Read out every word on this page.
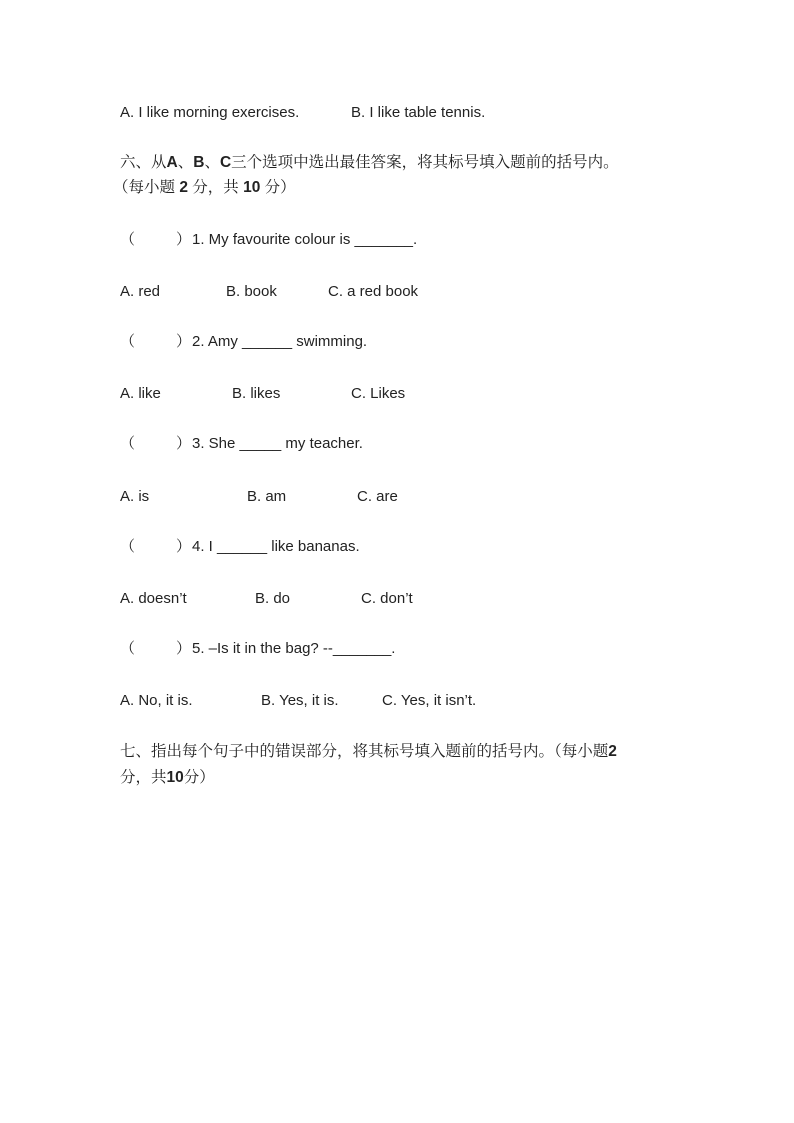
A. I like morning exercises.	B. I like table tennis.
六、从A、B、C三个选项中选出最佳答案，将其标号填入题前的括号内。
（每小题 2 分，共 10 分）
（	） 1. My favourite colour is _______.
A. red	B. book	C. a red book
（	） 2. Amy ______ swimming.
A. like	B. likes	C. Likes
（	） 3. She _____ my teacher.
A. is	B. am	C. are
（	） 4. I ______ like bananas.
A. doesn’t	B. do	C. don’t
（	） 5. –Is it in the bag? --_______.
A. No, it is.	B. Yes, it is.	C. Yes, it isn’t.
七、指出每个句子中的错误部分，将其标号填入题前的括号内。（每小题2
分，共10分）
